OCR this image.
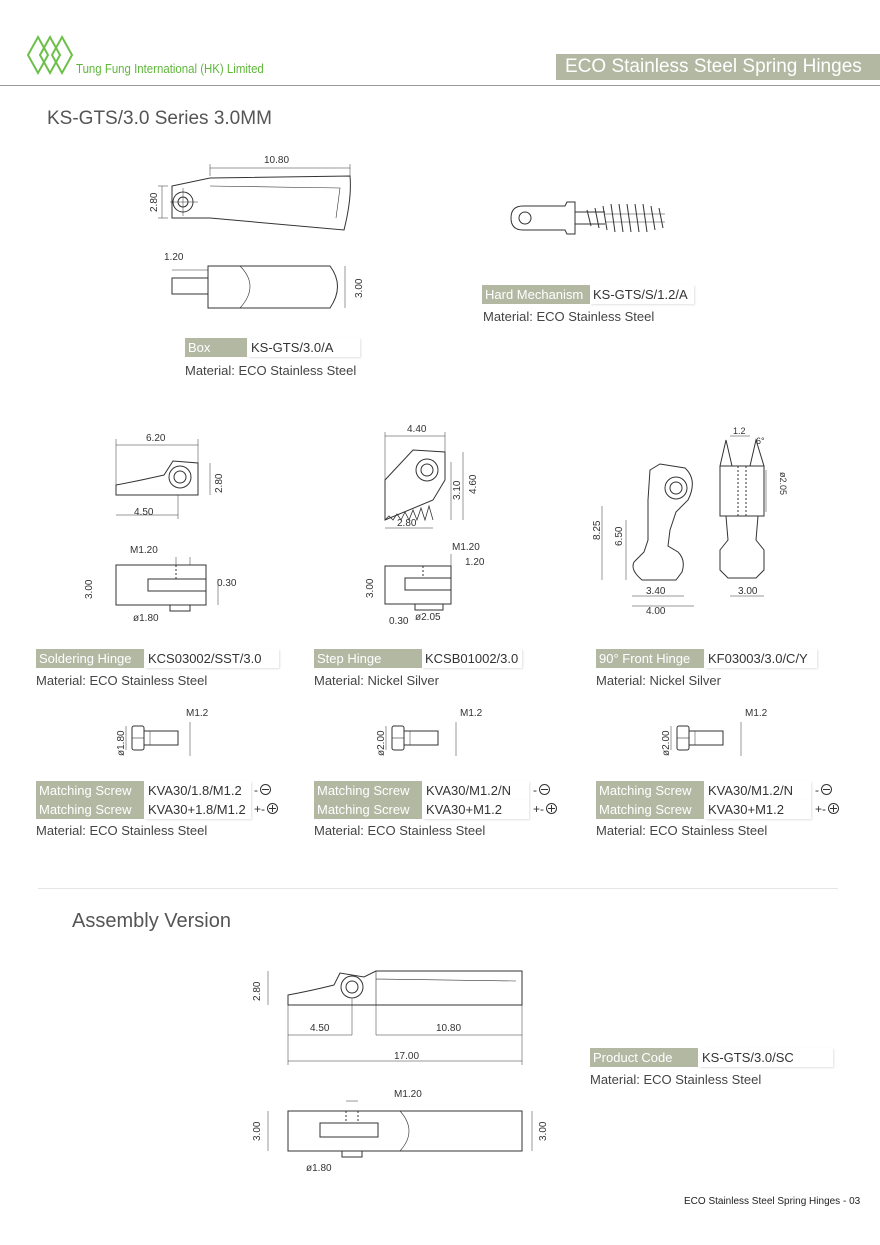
Tung Fung International (HK) Limited	ECO Stainless Steel Spring Hinges
KS-GTS/3.0 Series 3.0MM
10.80
2.80
1.20
3.00
Box	KS-GTS/3.0/A
Material: ECO Stainless Steel
Hard Mechanism KS-GTS/S/1.2/A
Material: ECO Stainless Steel
6.20
2.80
4.50
M1.20
3.00	0.30
ø1.80
4.40
3.10 4.60
2.80
M1.20
1.20
3.00
0.30 ø2.05
1.2
6°
ø2.05
8.25 6.50
3.40
4.00
3.00
Soldering Hinge	KCS03002/SST/3.0
Material: ECO Stainless Steel
Step Hinge	KCSB01002/3.0
Material: Nickel Silver
90° Front Hinge	KF03003/3.0/C/Y
Material: Nickel Silver
M1.2
ø1.80
M1.2
ø2.00
M1.2
ø2.00
Matching Screw	KVA30/1.8/M1.2	-
Matching Screw	KVA30+1.8/M1.2 +-
Material: ECO Stainless Steel
Matching Screw	KVA30/M1.2/N	-
Matching Screw	KVA30+M1.2	+-
Material: ECO Stainless Steel
Matching Screw	KVA30/M1.2/N	-
Matching Screw	KVA30+M1.2	+-
Material: ECO Stainless Steel
Assembly Version
2.80
4.50	10.80
17.00
M1.20
3.00	3.00
ø1.80
Product Code	KS-GTS/3.0/SC
Material: ECO Stainless Steel
ECO Stainless Steel Spring Hinges - 03
